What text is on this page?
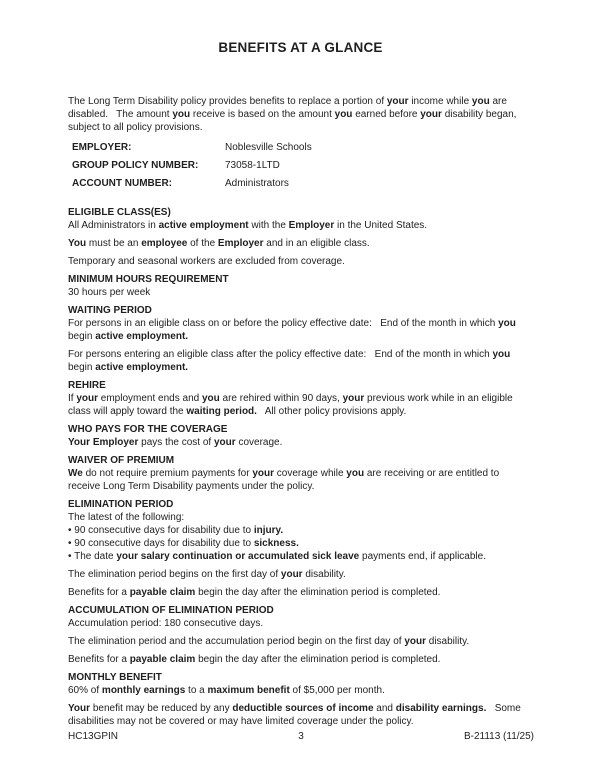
BENEFITS AT A GLANCE

The Long Term Disability policy provides benefits to replace a portion of your income while you are disabled.   The amount you receive is based on the amount you earned before your disability began, subject to all policy provisions.

EMPLOYER:	Noblesville Schools
GROUP POLICY NUMBER:	73058-1LTD
ACCOUNT NUMBER:	Administrators
ELIGIBLE CLASS(ES)

All Administrators in active employment with the Employer in the United States.

You must be an employee of the Employer and in an eligible class.

Temporary and seasonal workers are excluded from coverage.

MINIMUM HOURS REQUIREMENT

30 hours per week

WAITING PERIOD

For persons in an eligible class on or before the policy effective date:   End of the month in which you begin active employment.

For persons entering an eligible class after the policy effective date:   End of the month in which you begin active employment.

REHIRE

If your employment ends and you are rehired within 90 days, your previous work while in an eligible class will apply toward the waiting period.   All other policy provisions apply.

WHO PAYS FOR THE COVERAGE

Your Employer pays the cost of your coverage.

WAIVER OF PREMIUM

We do not require premium payments for your coverage while you are receiving or are entitled to receive Long Term Disability payments under the policy.

ELIMINATION PERIOD

The latest of the following:

• 90 consecutive days for disability due to injury.

• 90 consecutive days for disability due to sickness.

• The date your salary continuation or accumulated sick leave payments end, if applicable.

The elimination period begins on the first day of your disability.

Benefits for a payable claim begin the day after the elimination period is completed.

ACCUMULATION OF ELIMINATION PERIOD

Accumulation period: 180 consecutive days.

The elimination period and the accumulation period begin on the first day of your disability.

Benefits for a payable claim begin the day after the elimination period is completed.

MONTHLY BENEFIT

60% of monthly earnings to a maximum benefit of $5,000 per month.

Your benefit may be reduced by any deductible sources of income and disability earnings.   Some disabilities may not be covered or may have limited coverage under the policy.

HC13GPIN	3	B-21113 (11/25)
